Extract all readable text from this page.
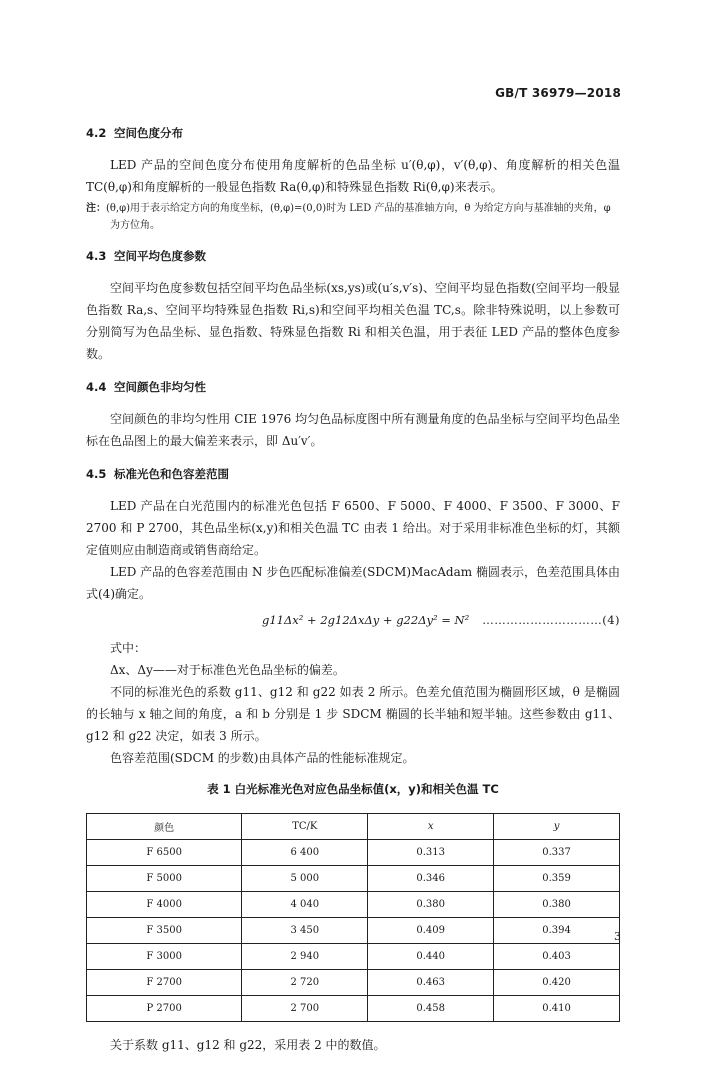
GB/T 36979—2018
4.2 空间色度分布

LED 产品的空间色度分布使用角度解析的色品坐标 u′(θ,φ)，v′(θ,φ)、角度解析的相关色温 TC(θ,φ)和角度解析的一般显色指数 Ra(θ,φ)和特殊显色指数 Ri(θ,φ)来表示。

注：(θ,φ)用于表示给定方向的角度坐标，(θ,φ)=(0,0)时为 LED 产品的基准轴方向，θ 为给定方向与基准轴的夹角，φ 为方位角。

4.3 空间平均色度参数

空间平均色度参数包括空间平均色品坐标(xs,ys)或(u′s,v′s)、空间平均显色指数(空间平均一般显色指数 Ra,s、空间平均特殊显色指数 Ri,s)和空间平均相关色温 TC,s。除非特殊说明，以上参数可分别简写为色品坐标、显色指数、特殊显色指数 Ri 和相关色温，用于表征 LED 产品的整体色度参数。

4.4 空间颜色非均匀性

空间颜色的非均匀性用 CIE 1976 均匀色品标度图中所有测量角度的色品坐标与空间平均色品坐标在色品图上的最大偏差来表示，即 Δu′v′。

4.5 标准光色和色容差范围

LED 产品在白光范围内的标准光色包括 F 6500、F 5000、F 4000、F 3500、F 3000、F 2700 和 P 2700，其色品坐标(x,y)和相关色温 TC 由表 1 给出。对于采用非标准色坐标的灯，其额定值则应由制造商或销售商给定。

LED 产品的色容差范围由 N 步色匹配标准偏差(SDCM)MacAdam 椭圆表示，色差范围具体由式(4)确定。

g11Δx² + 2g12ΔxΔy + g22Δy² = N² …………………………(4)

式中：

Δx、Δy——对于标准色光色品坐标的偏差。

不同的标准光色的系数 g11、g12 和 g22 如表 2 所示。色差允值范围为椭圆形区域，θ 是椭圆的长轴与 x 轴之间的角度，a 和 b 分别是 1 步 SDCM 椭圆的长半轴和短半轴。这些参数由 g11、g12 和 g22 决定，如表 3 所示。

色容差范围(SDCM 的步数)由具体产品的性能标准规定。

表 1 白光标准光色对应色品坐标值(x，y)和相关色温 TC
颜色	TC/K	x	y
F 6500	6 400	0.313	0.337
F 5000	5 000	0.346	0.359
F 4000	4 040	0.380	0.380
F 3500	3 450	0.409	0.394
F 3000	2 940	0.440	0.403
F 2700	2 720	0.463	0.420
P 2700	2 700	0.458	0.410

关于系数 g11、g12 和 g22，采用表 2 中的数值。

3
